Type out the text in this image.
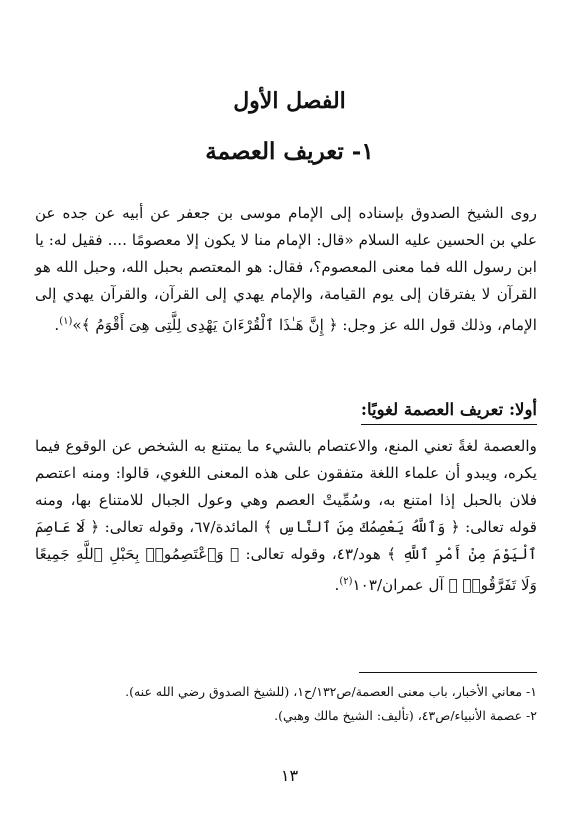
الفصل الأول
١- تعريف العصمة

روى الشيخ الصدوق بإسناده إلى الإمام موسى بن جعفر عن أبيه عن جده عن علي بن الحسين عليه السلام «قال: الإمام منا لا يكون إلا معصومًا .... فقيل له: يا ابن رسول الله فما معنى المعصوم؟، فقال: هو المعتصم بحبل الله، وحبل الله هو القرآن لا يفترقان إلى يوم القيامة، والإمام يهدي إلى القرآن، والقرآن يهدي إلى الإمام، وذلك قول الله عز وجل: ﴿ إِنَّ هَـٰذَا ٱلْقُرْءَانَ يَهْدِى لِلَّتِى هِىَ أَقْوَمُ ﴾»$^{(١)}$.

أولا: تعريف العصمة لغويًا:

والعصمة لغةً تعني المنع، والاعتصام بالشيء ما يمتنع به الشخص عن الوقوع فيما يكره، ويبدو أن علماء اللغة متفقون على هذه المعنى اللغوي، قالوا: ومنه اعتصم فلان بالحبل إذا امتنع به، وسُمِّيتْ العصم وهي وعول الجبال للامتناع بها، ومنه قوله تعالى: ﴿ وَٱللَّهُ يَعْصِمُكَ مِنَ ٱلنَّاسِ ﴾ المائدة/٦٧، وقوله تعالى: ﴿ لَا عَاصِمَ ٱلْيَوْمَ مِنْ أَمْرِ ٱللَّهِ ﴾ هود/٤٣، وقوله تعالى: ﴿ وَٱعْتَصِمُوا۟ بِحَبْلِ ٱللَّهِ جَمِيعًا وَلَا تَفَرَّقُوا۟ ﴾ آل عمران/١٠٣$^{(٢)}$.

١- معاني الأخبار، باب معنى العصمة/ص١٣٢/ح١، (للشيخ الصدوق رضي الله عنه).
٢- عصمة الأنبياء/ص٤٣، (تأليف: الشيخ مالك وهبي).
١٣
